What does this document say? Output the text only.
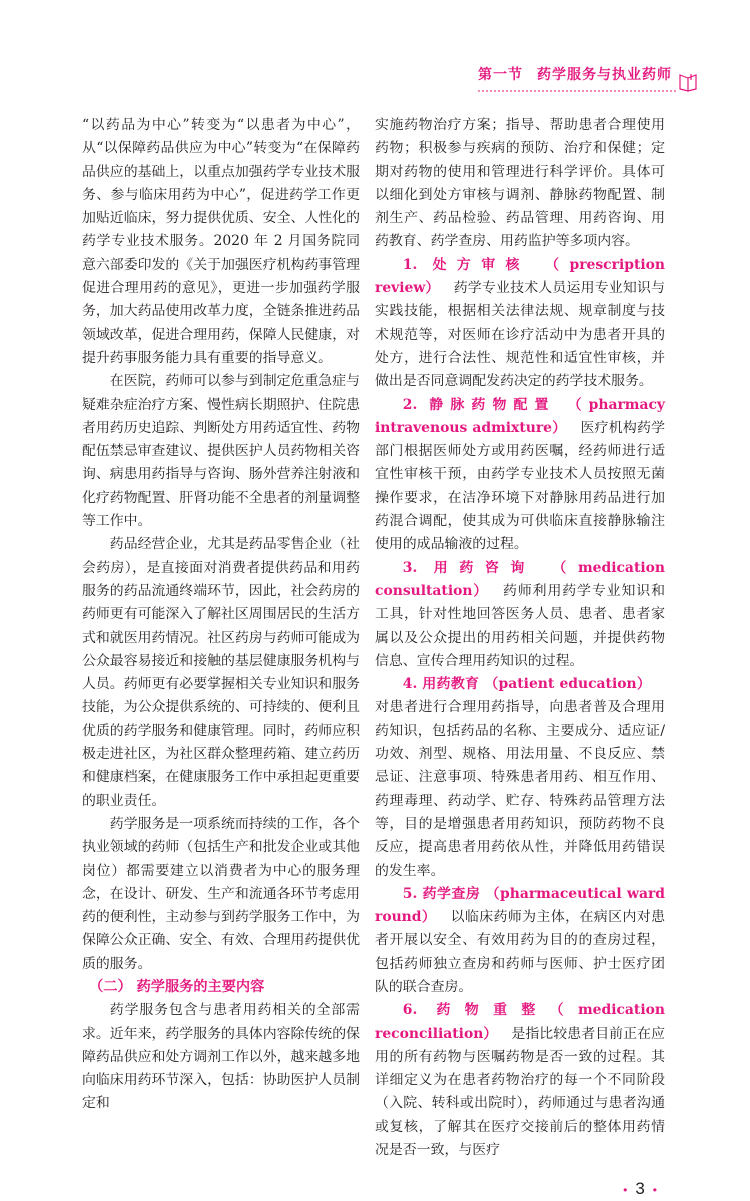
第一节 药学服务与执业药师

“以药品为中心”转变为“以患者为中心”，从“以保障药品供应为中心”转变为“在保障药品供应的基础上，以重点加强药学专业技术服务、参与临床用药为中心”，促进药学工作更加贴近临床，努力提供优质、安全、人性化的药学专业技术服务。2020 年 2 月国务院同意六部委印发的《关于加强医疗机构药事管理促进合理用药的意见》，更进一步加强药学服务，加大药品使用改革力度，全链条推进药品领域改革，促进合理用药，保障人民健康，对提升药事服务能力具有重要的指导意义。

在医院，药师可以参与到制定危重急症与疑难杂症治疗方案、慢性病长期照护、住院患者用药历史追踪、判断处方用药适宜性、药物配伍禁忌审查建议、提供医护人员药物相关咨询、病患用药指导与咨询、肠外营养注射液和化疗药物配置、肝肾功能不全患者的剂量调整等工作中。

药品经营企业，尤其是药品零售企业（社会药房），是直接面对消费者提供药品和用药服务的药品流通终端环节，因此，社会药房的药师更有可能深入了解社区周围居民的生活方式和就医用药情况。社区药房与药师可能成为公众最容易接近和接触的基层健康服务机构与人员。药师更有必要掌握相关专业知识和服务技能，为公众提供系统的、可持续的、便利且优质的药学服务和健康管理。同时，药师应积极走进社区，为社区群众整理药箱、建立药历和健康档案，在健康服务工作中承担起更重要的职业责任。

药学服务是一项系统而持续的工作，各个执业领域的药师（包括生产和批发企业或其他岗位）都需要建立以消费者为中心的服务理念，在设计、研发、生产和流通各环节考虑用药的便利性，主动参与到药学服务工作中，为保障公众正确、安全、有效、合理用药提供优质的服务。

（二） 药学服务的主要内容

药学服务包含与患者用药相关的全部需求。近年来，药学服务的具体内容除传统的保障药品供应和处方调剂工作以外，越来越多地向临床用药环节深入，包括：协助医护人员制定和

实施药物治疗方案；指导、帮助患者合理使用药物；积极参与疾病的预防、治疗和保健；定期对药物的使用和管理进行科学评价。具体可以细化到处方审核与调剂、静脉药物配置、制剂生产、药品检验、药品管理、用药咨询、用药教育、药学查房、用药监护等多项内容。

1. 处方审核 （prescription review）  药学专业技术人员运用专业知识与实践技能，根据相关法律法规、规章制度与技术规范等，对医师在诊疗活动中为患者开具的处方，进行合法性、规范性和适宜性审核，并做出是否同意调配发药决定的药学技术服务。

2. 静脉药物配置 （pharmacy intravenous admixture）  医疗机构药学部门根据医师处方或用药医嘱，经药师进行适宜性审核干预，由药学专业技术人员按照无菌操作要求，在洁净环境下对静脉用药品进行加药混合调配，使其成为可供临床直接静脉输注使用的成品输液的过程。

3. 用药咨询 （medication consultation）  药师利用药学专业知识和工具，针对性地回答医务人员、患者、患者家属以及公众提出的用药相关问题，并提供药物信息、宣传合理用药知识的过程。

4. 用药教育 （patient education） 对患者进行合理用药指导，向患者普及合理用药知识，包括药品的名称、主要成分、适应证/功效、剂型、规格、用法用量、不良反应、禁忌证、注意事项、特殊患者用药、相互作用、药理毒理、药动学、贮存、特殊药品管理方法等，目的是增强患者用药知识，预防药物不良反应，提高患者用药依从性，并降低用药错误的发生率。

5. 药学查房 （pharmaceutical ward round）  以临床药师为主体，在病区内对患者开展以安全、有效用药为目的的查房过程，包括药师独立查房和药师与医师、护士医疗团队的联合查房。

6. 药物重整（medication reconciliation）  是指比较患者目前正在应用的所有药物与医嘱药物是否一致的过程。其详细定义为在患者药物治疗的每一个不同阶段（入院、转科或出院时），药师通过与患者沟通或复核，了解其在医疗交接前后的整体用药情况是否一致，与医疗

• 3 •
